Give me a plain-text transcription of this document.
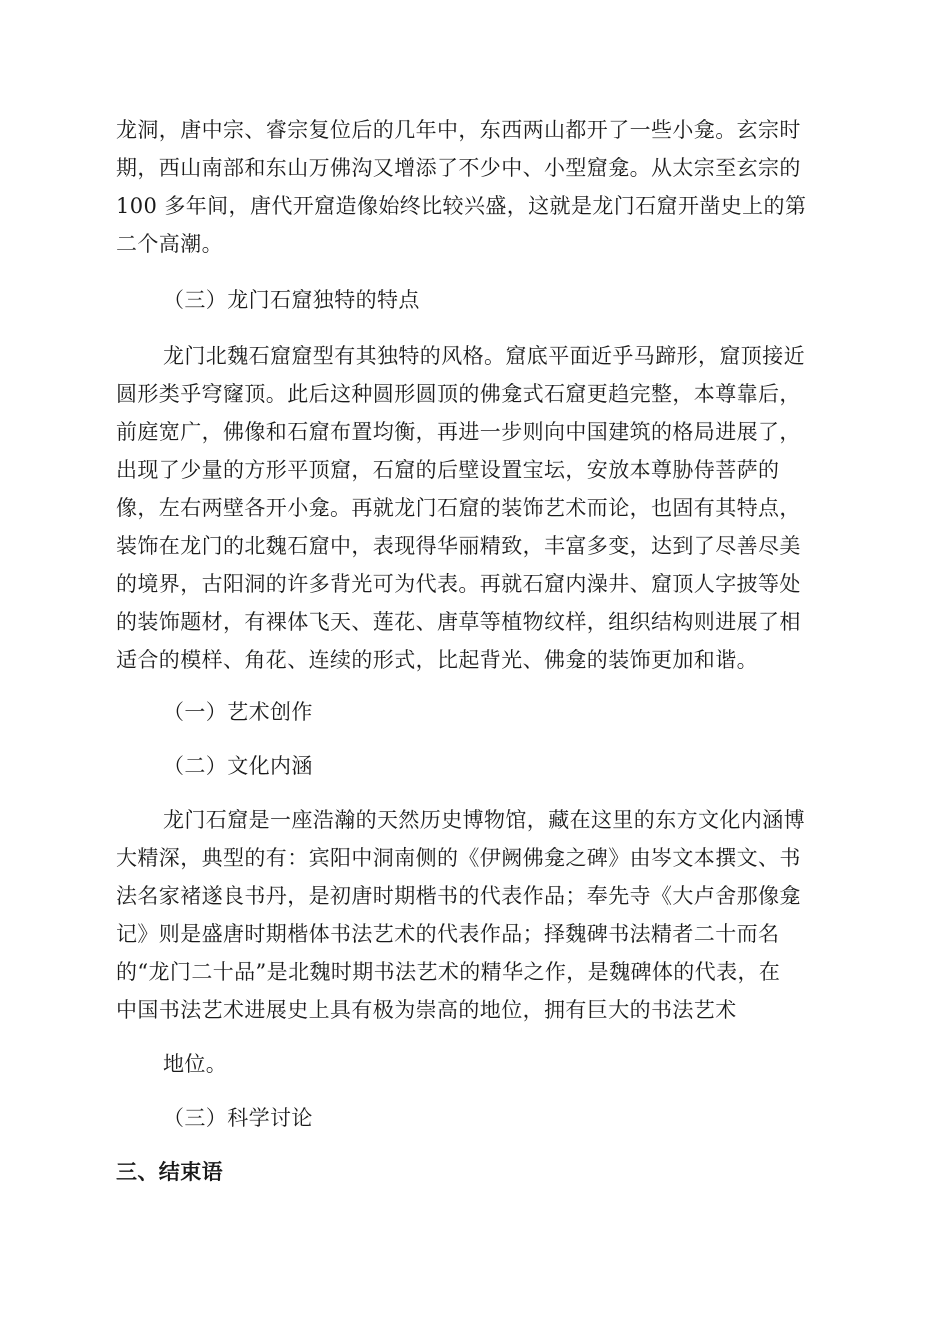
龙洞，唐中宗、睿宗复位后的几年中，东西两山都开了一些小龛。玄宗时
期，西山南部和东山万佛沟又增添了不少中、小型窟龛。从太宗至玄宗的
100 多年间，唐代开窟造像始终比较兴盛，这就是龙门石窟开凿史上的第
二个高潮。
（三）龙门石窟独特的特点
龙门北魏石窟窟型有其独特的风格。窟底平面近乎马蹄形，窟顶接近
圆形类乎穹窿顶。此后这种圆形圆顶的佛龛式石窟更趋完整，本尊靠后，
前庭宽广，佛像和石窟布置均衡，再进一步则向中国建筑的格局进展了，
出现了少量的方形平顶窟，石窟的后壁设置宝坛，安放本尊胁侍菩萨的
像，左右两壁各开小龛。再就龙门石窟的装饰艺术而论，也固有其特点，
装饰在龙门的北魏石窟中，表现得华丽精致，丰富多变，达到了尽善尽美
的境界，古阳洞的许多背光可为代表。再就石窟内澡井、窟顶人字披等处
的装饰题材，有裸体飞天、莲花、唐草等植物纹样，组织结构则进展了相
适合的模样、角花、连续的形式，比起背光、佛龛的装饰更加和谐。
（一）艺术创作
（二）文化内涵
龙门石窟是一座浩瀚的天然历史博物馆，藏在这里的东方文化内涵博
大精深，典型的有：宾阳中洞南侧的《伊阙佛龛之碑》由岑文本撰文、书
法名家褚遂良书丹，是初唐时期楷书的代表作品；奉先寺《大卢舍那像龛
记》则是盛唐时期楷体书法艺术的代表作品；择魏碑书法精者二十而名
的“龙门二十品”是北魏时期书法艺术的精华之作，是魏碑体的代表，在
中国书法艺术进展史上具有极为崇高的地位，拥有巨大的书法艺术
地位。
（三）科学讨论
三、结束语
